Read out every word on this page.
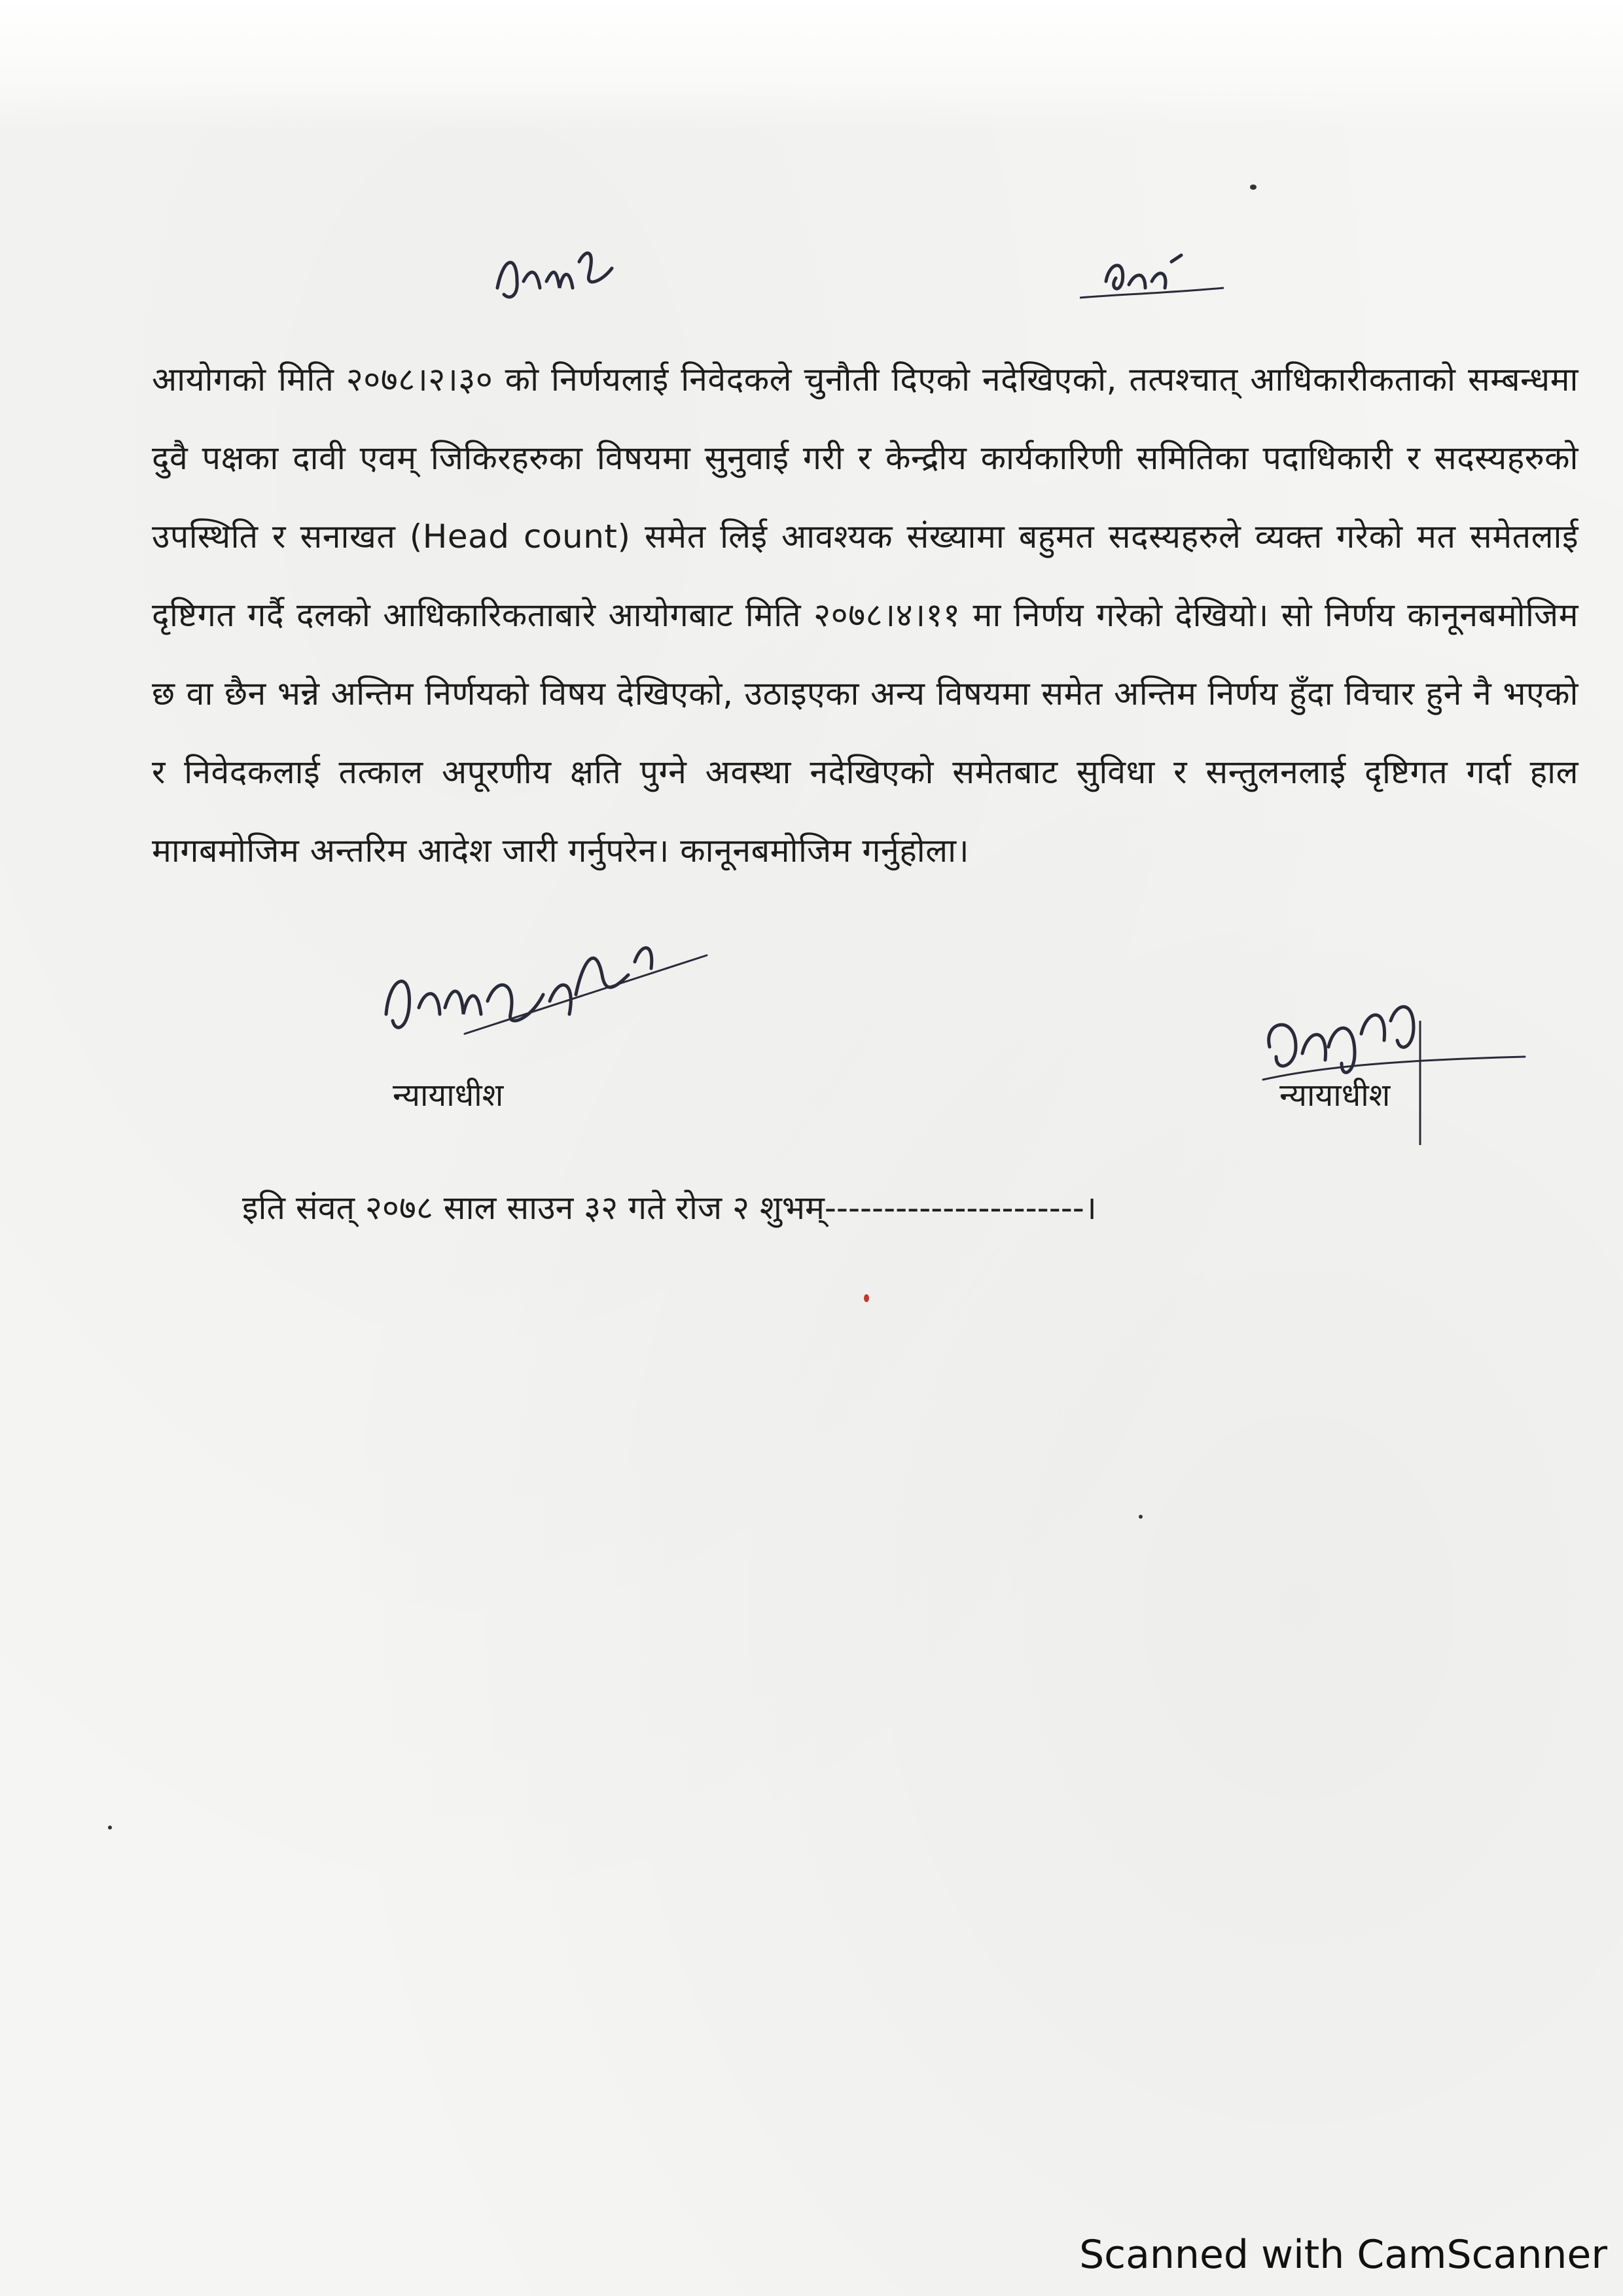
आयोगको मिति २०७८।२।३० को निर्णयलाई निवेदकले चुनौती दिएको नदेखिएको, तत्पश्चात् आधिकारीकताको सम्बन्धमा दुवै पक्षका दावी एवम् जिकिरहरुका विषयमा सुनुवाई गरी र केन्द्रीय कार्यकारिणी समितिका पदाधिकारी र सदस्यहरुको उपस्थिति र सनाखत (Head count) समेत लिई आवश्यक संख्यामा बहुमत सदस्यहरुले व्यक्त गरेको मत समेतलाई दृष्टिगत गर्दै दलको आधिकारिकताबारे आयोगबाट मिति २०७८।४।११ मा निर्णय गरेको देखियो। सो निर्णय कानूनबमोजिम छ वा छैन भन्ने अन्तिम निर्णयको विषय देखिएको, उठाइएका अन्य विषयमा समेत अन्तिम निर्णय हुँदा विचार हुने नै भएको र निवेदकलाई तत्काल अपूरणीय क्षति पुग्ने अवस्था नदेखिएको समेतबाट सुविधा र सन्तुलनलाई दृष्टिगत गर्दा हाल मागबमोजिम अन्तरिम आदेश जारी गर्नुपरेन। कानूनबमोजिम गर्नुहोला।

न्यायाधीश	न्यायाधीश
इति संवत् २०७८ साल साउन ३२ गते रोज २ शुभम्----------------------।
Scanned with CamScanner
